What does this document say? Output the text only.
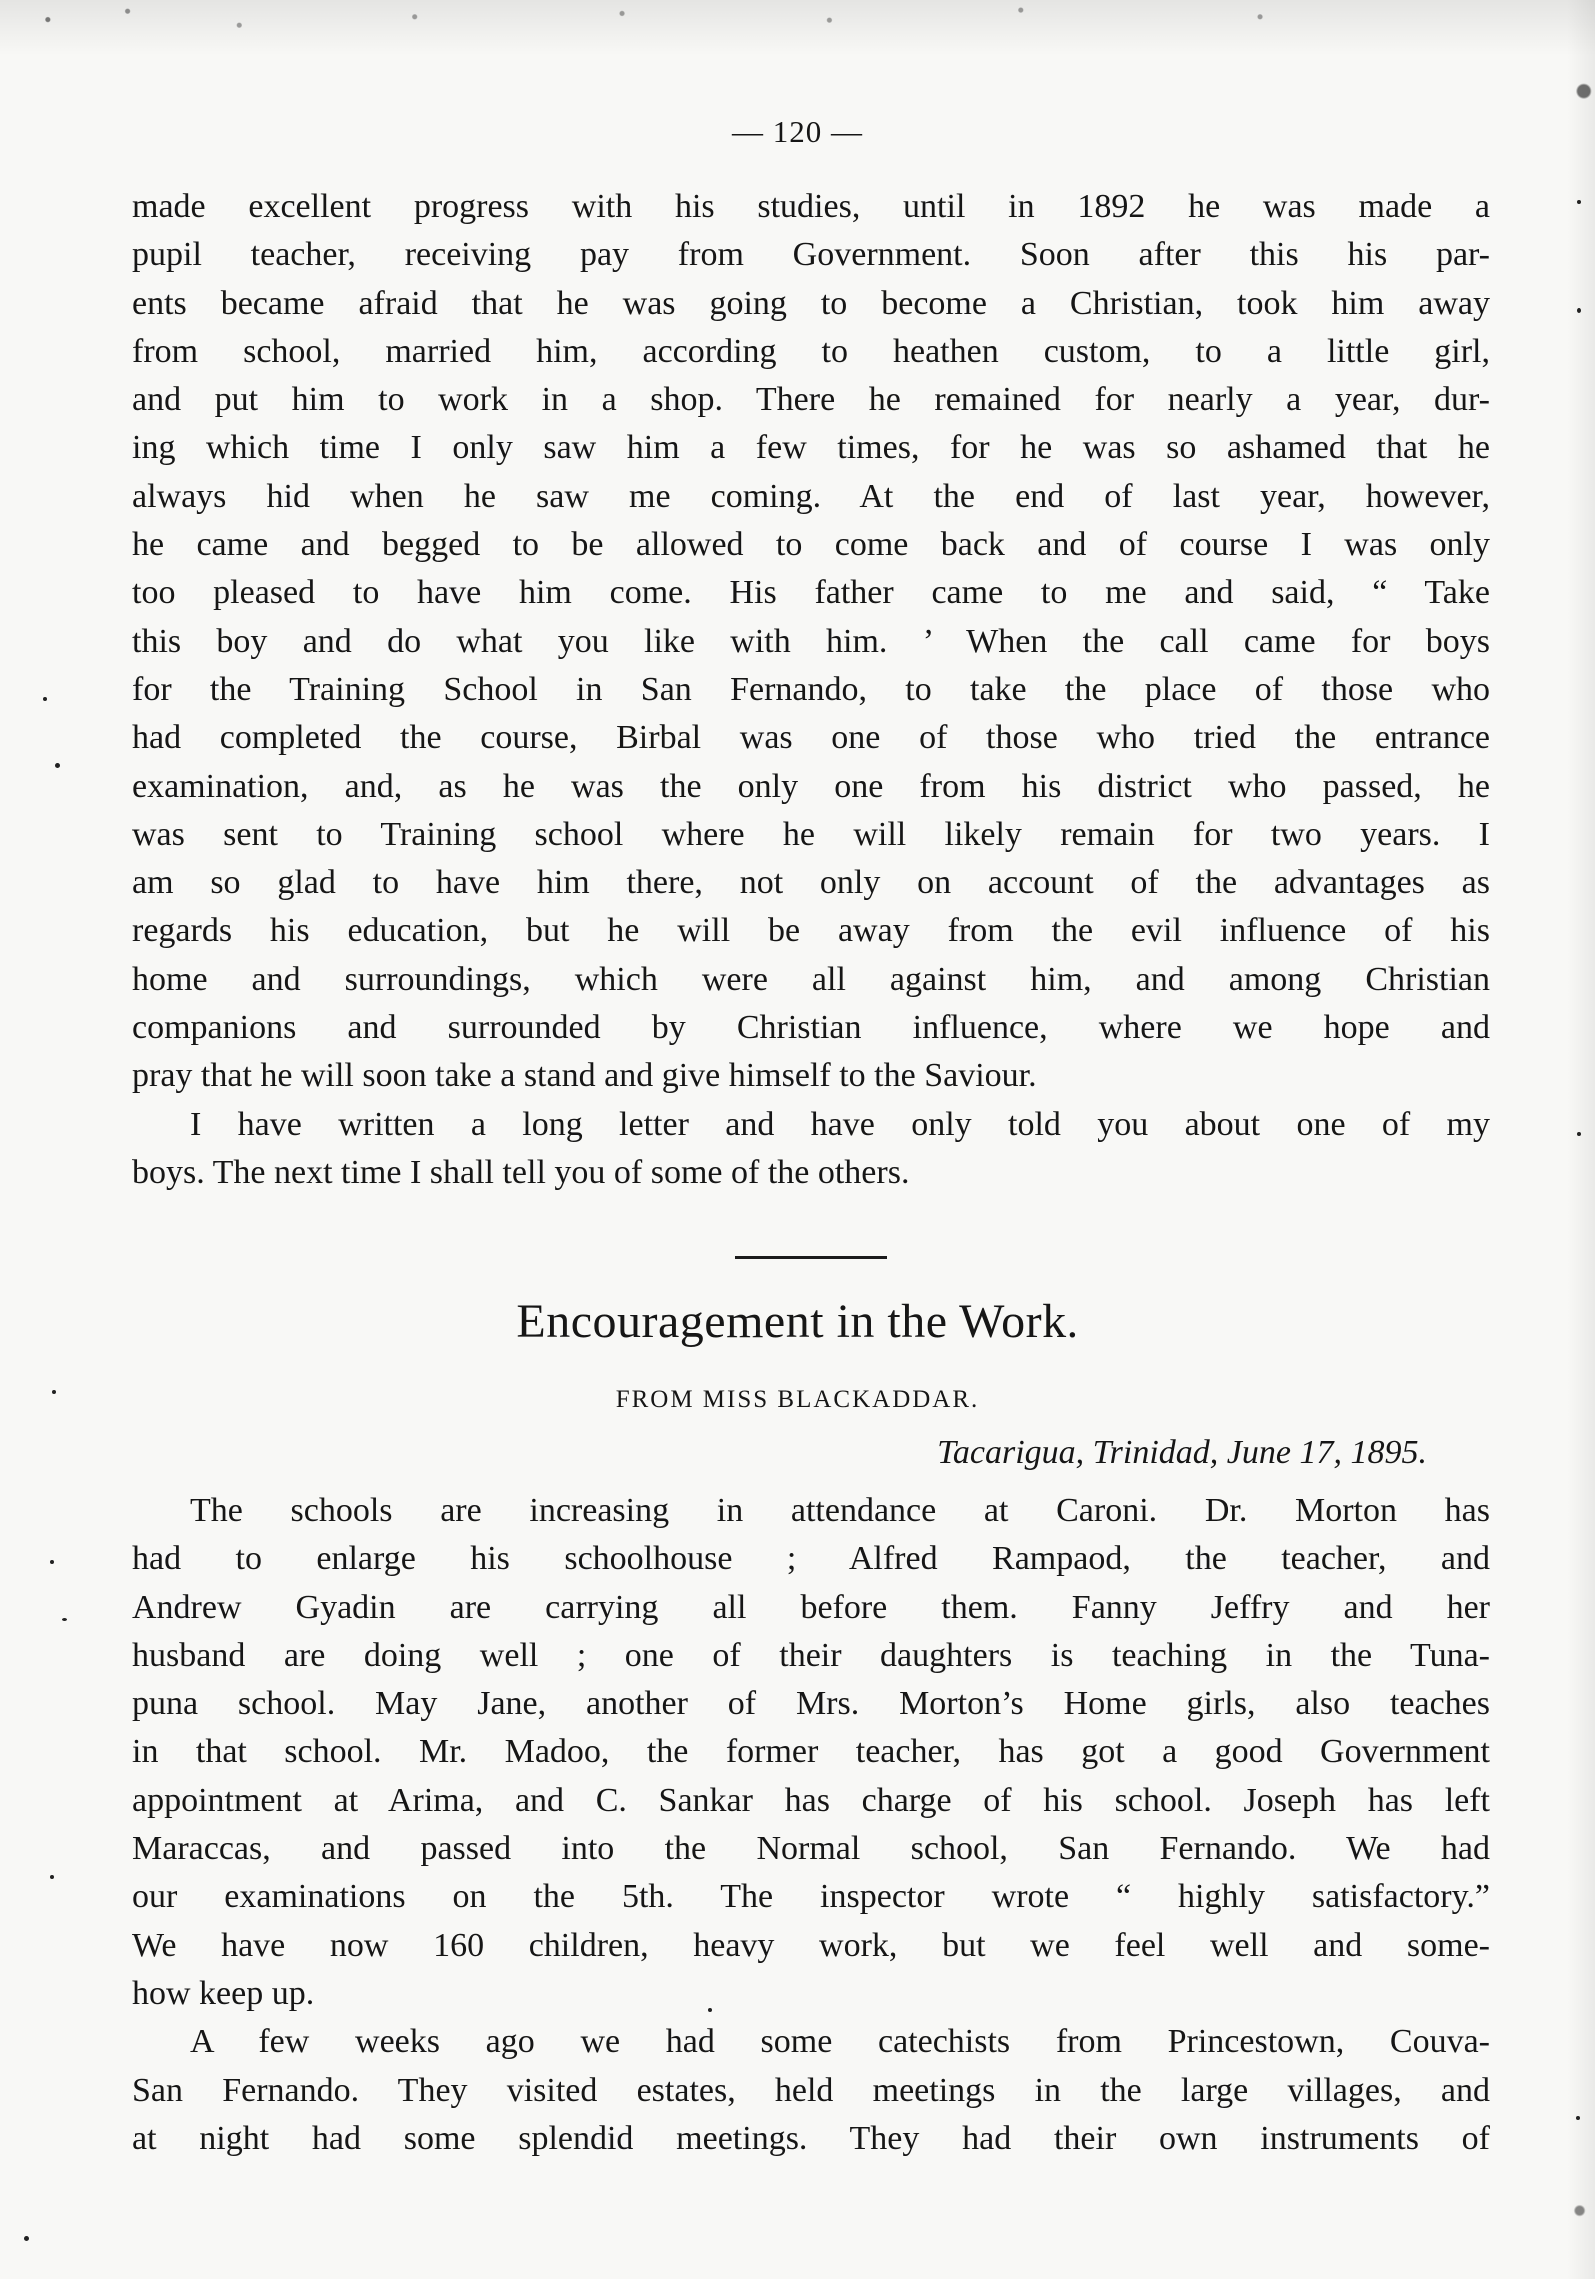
— 120 —
made excellent progress with his studies, until in 1892 he was made a
pupil teacher, receiving pay from Government. Soon after this his par-
ents became afraid that he was going to become a Christian, took him away
from school, married him, according to heathen custom, to a little girl,
and put him to work in a shop. There he remained for nearly a year, dur-
ing which time I only saw him a few times, for he was so ashamed that he
always hid when he saw me coming. At the end of last year, however,
he came and begged to be allowed to come back and of course I was only
too pleased to have him come. His father came to me and said, “ Take
this boy and do what you like with him. ’ When the call came for boys
for the Training School in San Fernando, to take the place of those who
had completed the course, Birbal was one of those who tried the entrance
examination, and, as he was the only one from his district who passed, he
was sent to Training school where he will likely remain for two years. I
am so glad to have him there, not only on account of the advantages as
regards his education, but he will be away from the evil influence of his
home and surroundings, which were all against him, and among Christian
companions and surrounded by Christian influence, where we hope and
pray that he will soon take a stand and give himself to the Saviour.
I have written a long letter and have only told you about one of my
boys. The next time I shall tell you of some of the others.
Encouragement in the Work.
FROM MISS BLACKADDAR.
Tacarigua, Trinidad, June 17, 1895.
The schools are increasing in attendance at Caroni. Dr. Morton has
had to enlarge his schoolhouse ; Alfred Rampaod, the teacher, and
Andrew Gyadin are carrying all before them. Fanny Jeffry and her
husband are doing well ; one of their daughters is teaching in the Tuna-
puna school. May Jane, another of Mrs. Morton’s Home girls, also teaches
in that school. Mr. Madoo, the former teacher, has got a good Government
appointment at Arima, and C. Sankar has charge of his school. Joseph has left
Maraccas, and passed into the Normal school, San Fernando. We had
our examinations on the 5th. The inspector wrote “ highly satisfactory.”
We have now 160 children, heavy work, but we feel well and some-
how keep up.
A few weeks ago we had some catechists from Princestown, Couva-
San Fernando. They visited estates, held meetings in the large villages, and
at night had some splendid meetings. They had their own instruments of
